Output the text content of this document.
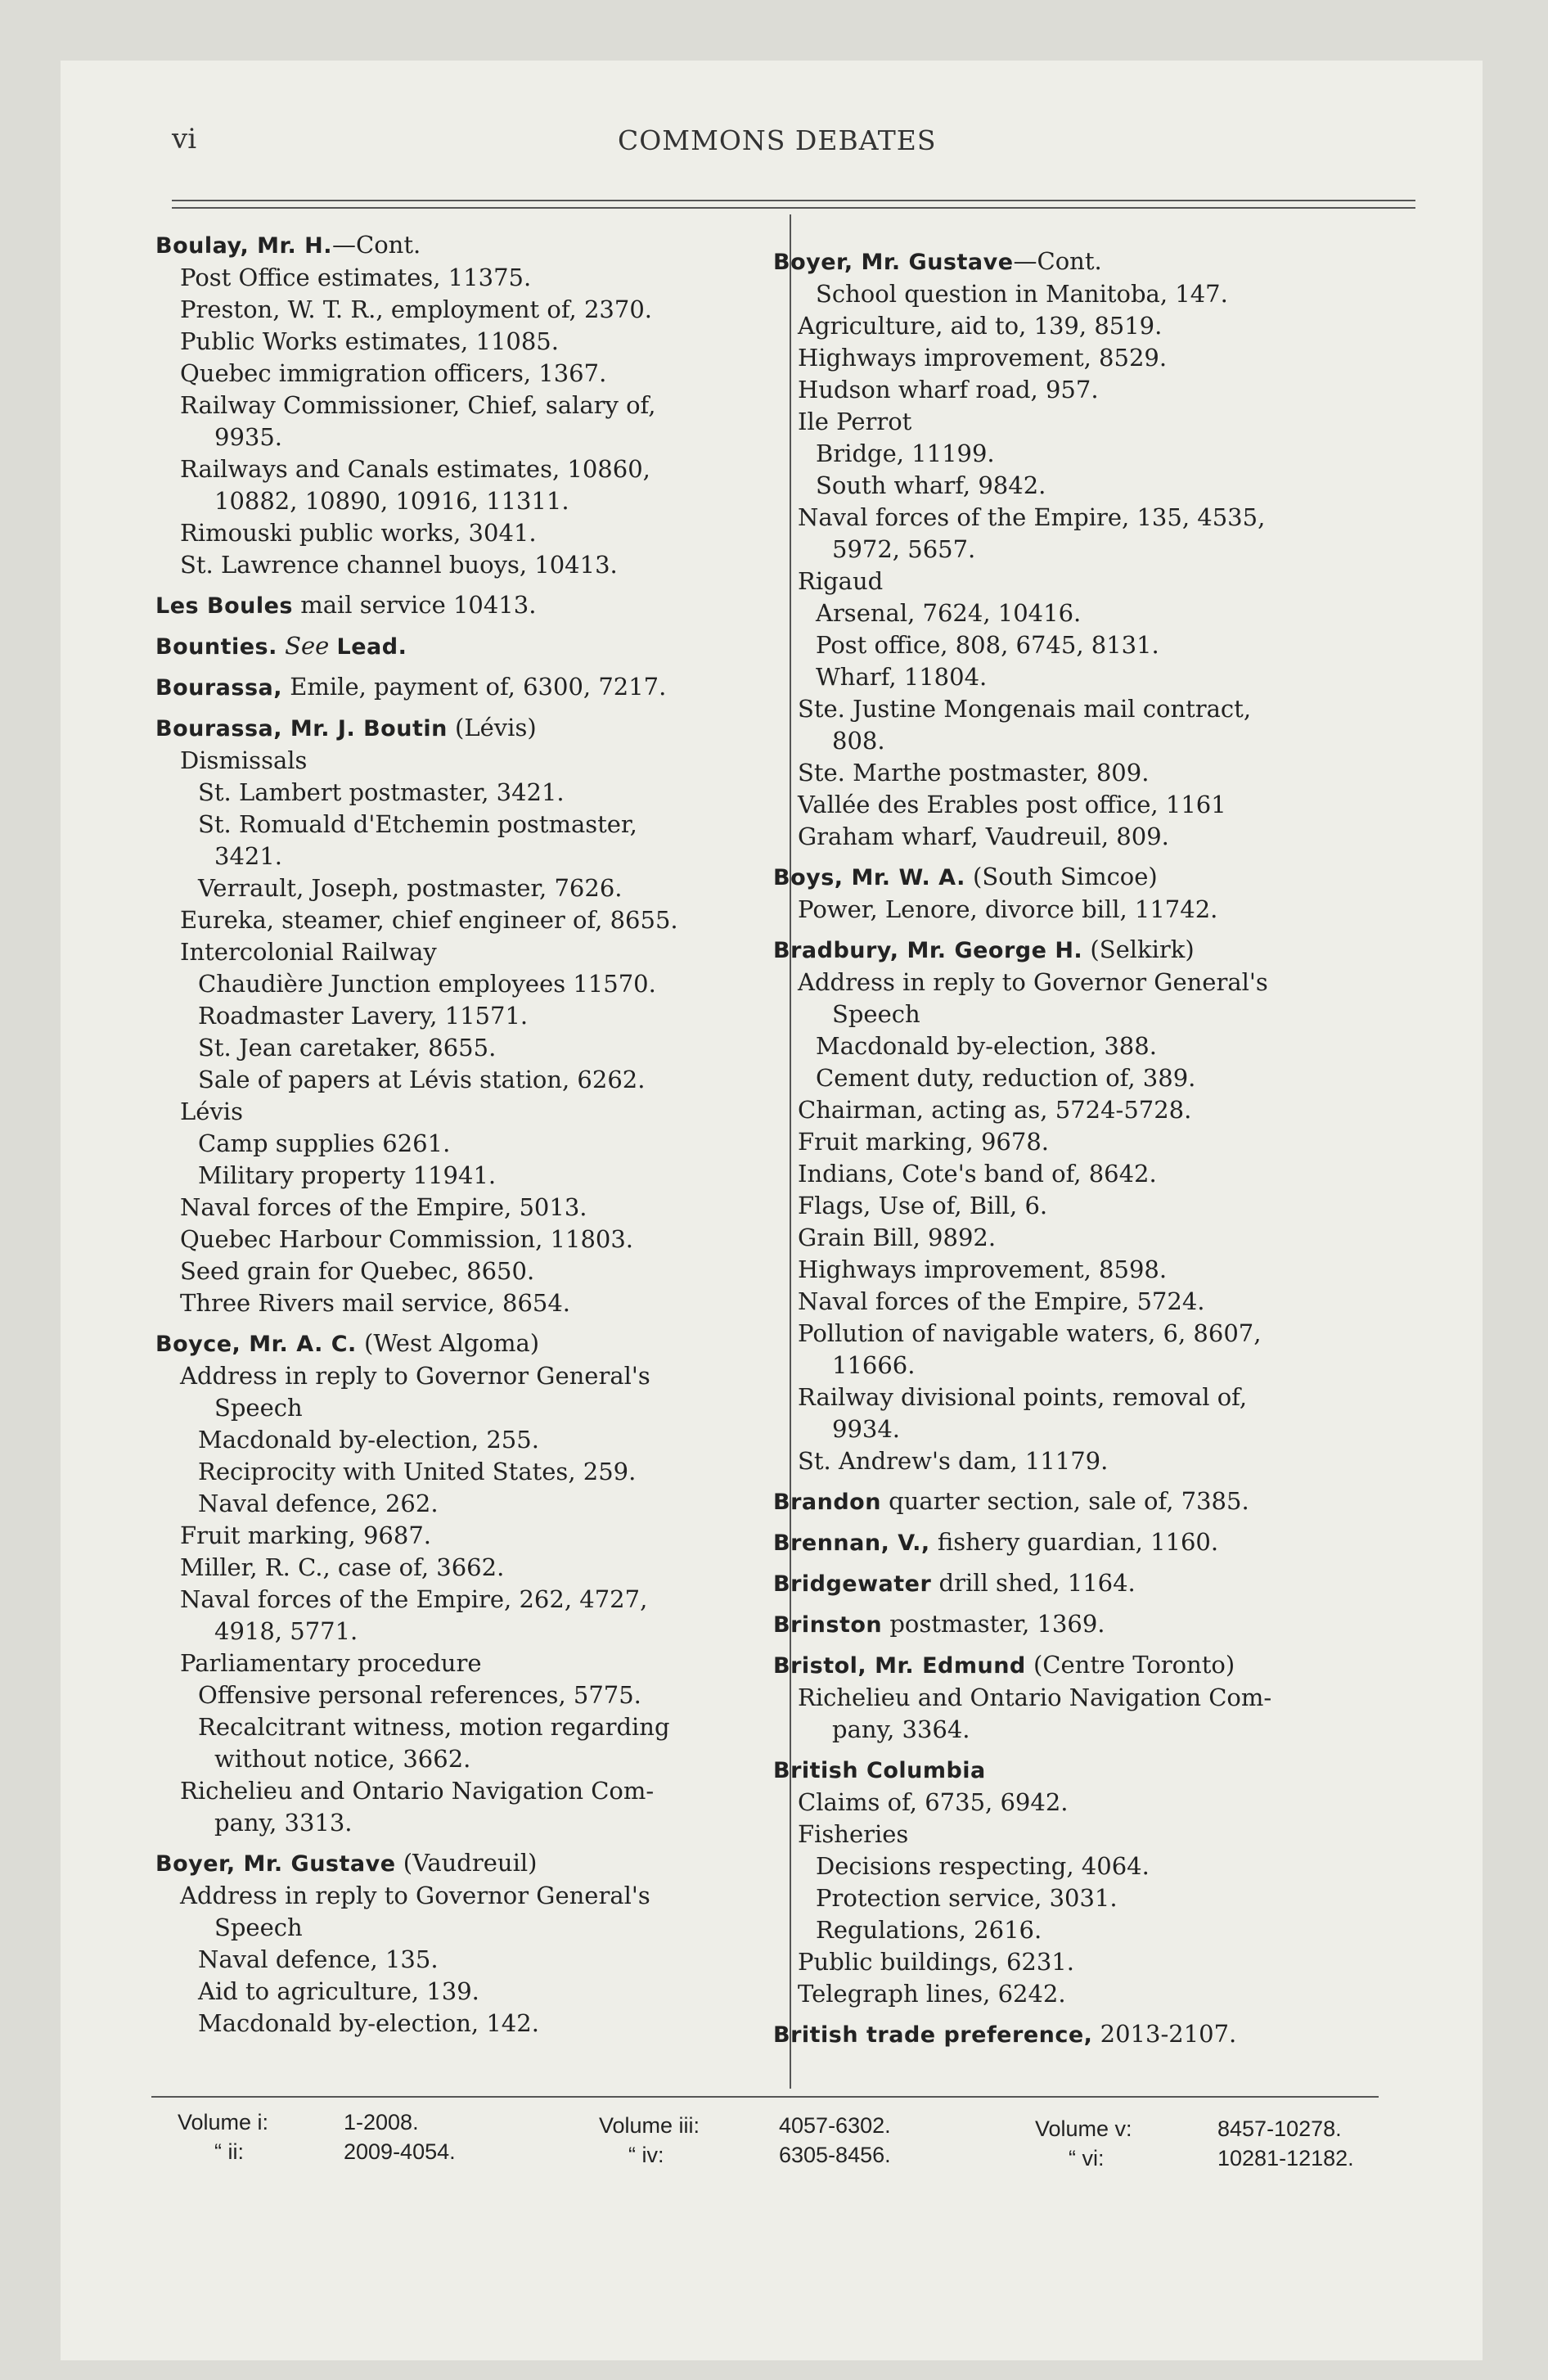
vi	COMMONS DEBATES
Boulay, Mr. H.—Cont.
Post Office estimates, 11375.
Preston, W. T. R., employment of, 2370.
Public Works estimates, 11085.
Quebec immigration officers, 1367.
Railway Commissioner, Chief, salary of,
9935.
Railways and Canals estimates, 10860,
10882, 10890, 10916, 11311.
Rimouski public works, 3041.
St. Lawrence channel buoys, 10413.
Les Boules mail service 10413.
Bounties. See Lead.
Bourassa, Emile, payment of, 6300, 7217.
Bourassa, Mr. J. Boutin (Lévis)
Dismissals
St. Lambert postmaster, 3421.
St. Romuald d'Etchemin postmaster,
3421.
Verrault, Joseph, postmaster, 7626.
Eureka, steamer, chief engineer of, 8655.
Intercolonial Railway
Chaudière Junction employees 11570.
Roadmaster Lavery, 11571.
St. Jean caretaker, 8655.
Sale of papers at Lévis station, 6262.
Lévis
Camp supplies 6261.
Military property 11941.
Naval forces of the Empire, 5013.
Quebec Harbour Commission, 11803.
Seed grain for Quebec, 8650.
Three Rivers mail service, 8654.
Boyce, Mr. A. C. (West Algoma)
Address in reply to Governor General's
Speech
Macdonald by-election, 255.
Reciprocity with United States, 259.
Naval defence, 262.
Fruit marking, 9687.
Miller, R. C., case of, 3662.
Naval forces of the Empire, 262, 4727,
4918, 5771.
Parliamentary procedure
Offensive personal references, 5775.
Recalcitrant witness, motion regarding
without notice, 3662.
Richelieu and Ontario Navigation Com-
pany, 3313.
Boyer, Mr. Gustave (Vaudreuil)
Address in reply to Governor General's
Speech
Naval defence, 135.
Aid to agriculture, 139.
Macdonald by-election, 142.
Boyer, Mr. Gustave—Cont.
School question in Manitoba, 147.
Agriculture, aid to, 139, 8519.
Highways improvement, 8529.
Hudson wharf road, 957.
Ile Perrot
Bridge, 11199.
South wharf, 9842.
Naval forces of the Empire, 135, 4535,
5972, 5657.
Rigaud
Arsenal, 7624, 10416.
Post office, 808, 6745, 8131.
Wharf, 11804.
Ste. Justine Mongenais mail contract,
808.
Ste. Marthe postmaster, 809.
Vallée des Erables post office, 1161
Graham wharf, Vaudreuil, 809.
Boys, Mr. W. A. (South Simcoe)
Power, Lenore, divorce bill, 11742.
Bradbury, Mr. George H. (Selkirk)
Address in reply to Governor General's
Speech
Macdonald by-election, 388.
Cement duty, reduction of, 389.
Chairman, acting as, 5724-5728.
Fruit marking, 9678.
Indians, Cote's band of, 8642.
Flags, Use of, Bill, 6.
Grain Bill, 9892.
Highways improvement, 8598.
Naval forces of the Empire, 5724.
Pollution of navigable waters, 6, 8607,
11666.
Railway divisional points, removal of,
9934.
St. Andrew's dam, 11179.
Brandon quarter section, sale of, 7385.
Brennan, V., fishery guardian, 1160.
Bridgewater drill shed, 1164.
Brinston postmaster, 1369.
Bristol, Mr. Edmund (Centre Toronto)
Richelieu and Ontario Navigation Com-
pany, 3364.
British Columbia
Claims of, 6735, 6942.
Fisheries
Decisions respecting, 4064.
Protection service, 3031.
Regulations, 2616.
Public buildings, 6231.
Telegraph lines, 6242.
British trade preference, 2013-2107.
Volume i:	1-2008.
“ ii:	2009-4054.
Volume iii:	4057-6302.
“ iv:	6305-8456.
Volume v:	8457-10278.
“ vi:	10281-12182.
